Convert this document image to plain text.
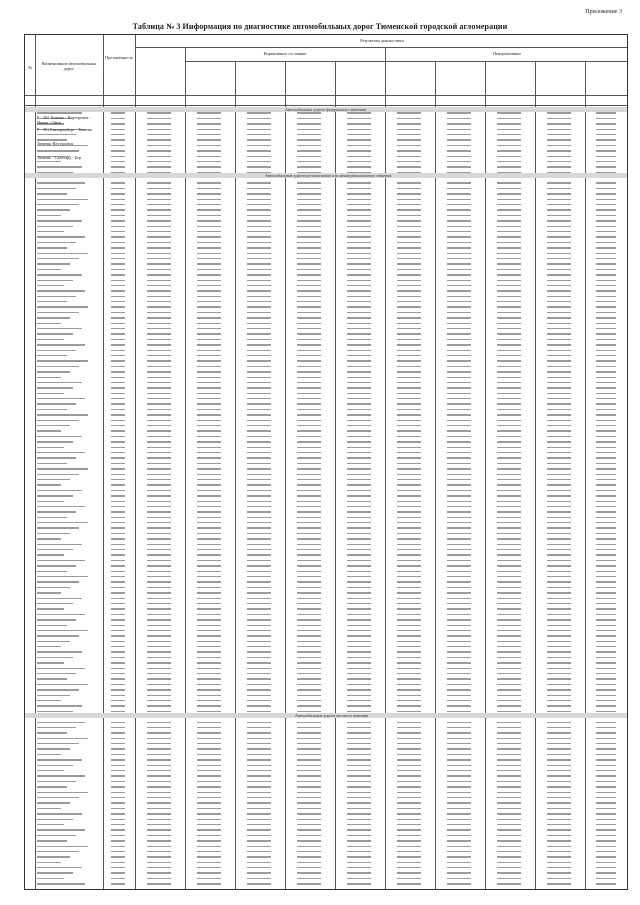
Приложение 3
Таблица № 3 Информация по диагностике автомобильных дорог Тюменской городской агломерации
№
Наименование автомобильных дорог
Протяжённость
Результаты диагностики
Нормативное состояние	Ненормативное
Автомобильные дороги федерального значения
Автомобильные дороги регионального или межмуниципального значения
Автомобильные дороги местного значения
Р - 402 Тюмень - Ялуторовск - Ишим - Омск
Р - 351 Екатеринбург - Тюмень
Тюмень-Ялуторовск
Тюмень - Салехард - Бор
